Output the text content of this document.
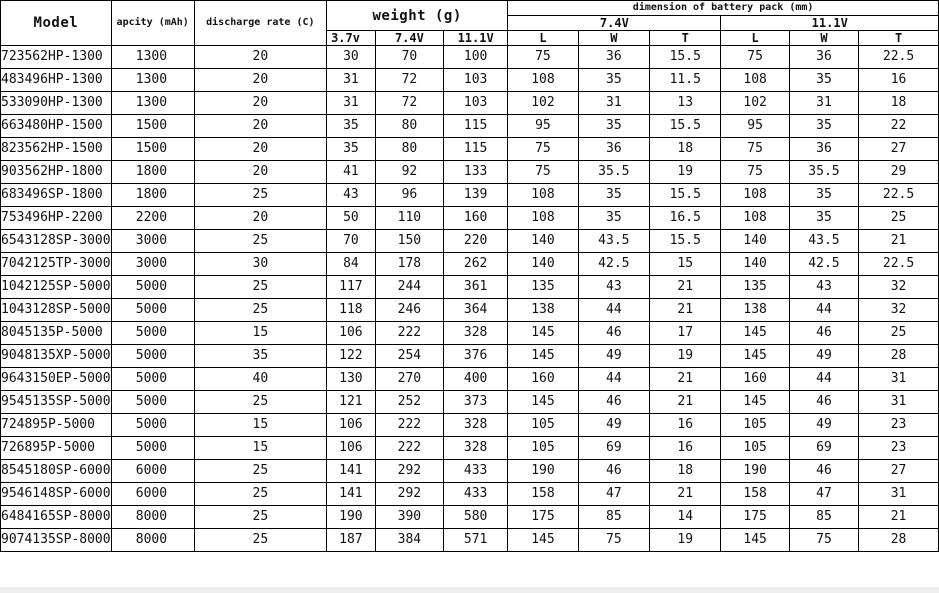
Model	apcity (mAh)	discharge rate (C)	weight (g)			dimension of battery pack (mm)					
						7.4V			11.1V		
			3.7v	7.4V	11.1V	L	W	T	L	W	T
723562HP-1300	1300	20	30	70	100	75	36	15.5	75	36	22.5
483496HP-1300	1300	20	31	72	103	108	35	11.5	108	35	16
533090HP-1300	1300	20	31	72	103	102	31	13	102	31	18
663480HP-1500	1500	20	35	80	115	95	35	15.5	95	35	22
823562HP-1500	1500	20	35	80	115	75	36	18	75	36	27
903562HP-1800	1800	20	41	92	133	75	35.5	19	75	35.5	29
683496SP-1800	1800	25	43	96	139	108	35	15.5	108	35	22.5
753496HP-2200	2200	20	50	110	160	108	35	16.5	108	35	25
6543128SP-3000	3000	25	70	150	220	140	43.5	15.5	140	43.5	21
7042125TP-3000	3000	30	84	178	262	140	42.5	15	140	42.5	22.5
1042125SP-5000	5000	25	117	244	361	135	43	21	135	43	32
1043128SP-5000	5000	25	118	246	364	138	44	21	138	44	32
8045135P-5000	5000	15	106	222	328	145	46	17	145	46	25
9048135XP-5000	5000	35	122	254	376	145	49	19	145	49	28
9643150EP-5000	5000	40	130	270	400	160	44	21	160	44	31
9545135SP-5000	5000	25	121	252	373	145	46	21	145	46	31
724895P-5000	5000	15	106	222	328	105	49	16	105	49	23
726895P-5000	5000	15	106	222	328	105	69	16	105	69	23
8545180SP-6000	6000	25	141	292	433	190	46	18	190	46	27
9546148SP-6000	6000	25	141	292	433	158	47	21	158	47	31
6484165SP-8000	8000	25	190	390	580	175	85	14	175	85	21
9074135SP-8000	8000	25	187	384	571	145	75	19	145	75	28
